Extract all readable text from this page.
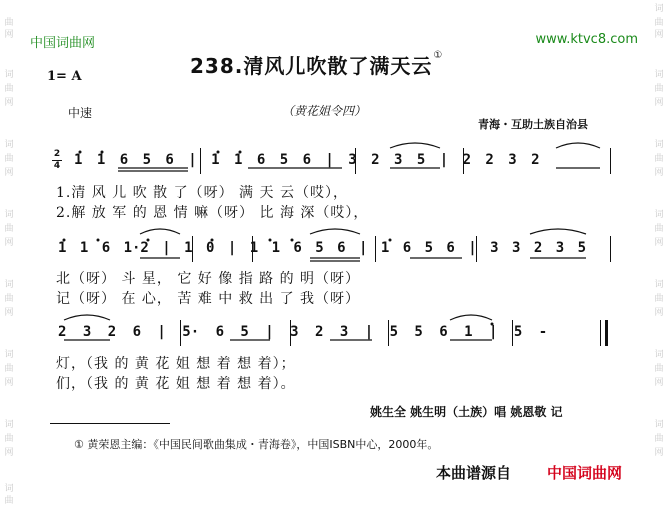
曲
网
词
曲
网
词
曲
网
词
曲
网
词
曲
网
词
曲
网
词
曲
网
词
曲
词
曲
网
词
曲
网
词
曲
网
词
曲
网
词
曲
网
词
曲
网
词
曲
网
中国词曲网	www.ktvc8.com
238.清风儿吹散了满天云①
1= A
中速	（黄花姐令四）
青海・互助土族自治县
2
4 1 1 6 5 6 | 1 1 6 5 6 | 3 2 3 5 | 2 2 3 2
1.清 风 儿 吹 散 了（呀） 满 天 云（哎），
2.解 放 军 的 恩 情 嘛（呀） 比 海 深（哎），
1 1 6 1·2 | 1 0 | 1 1 6 5 6 | 1 6 5 6 | 3 3 2 3 5
北（呀） 斗 星， 它 好 像 指 路 的 明（呀）
记（呀） 在 心， 苦 难 中 救 出 了 我（呀）
2 3 2 6 | 5· 6 5 | 3 2 3 | 5 5 6 1 | 5 -
灯，（我 的 黄 花 姐 想 着 想 着）；
们，（我 的 黄 花 姐 想 着 想 着）。
姚生全 姚生明（土族）唱 姚恩敬 记
① 黄荣恩主编：《中国民间歌曲集成・青海卷》，中国ISBN中心，2000年。
本曲谱源自 中国词曲网
